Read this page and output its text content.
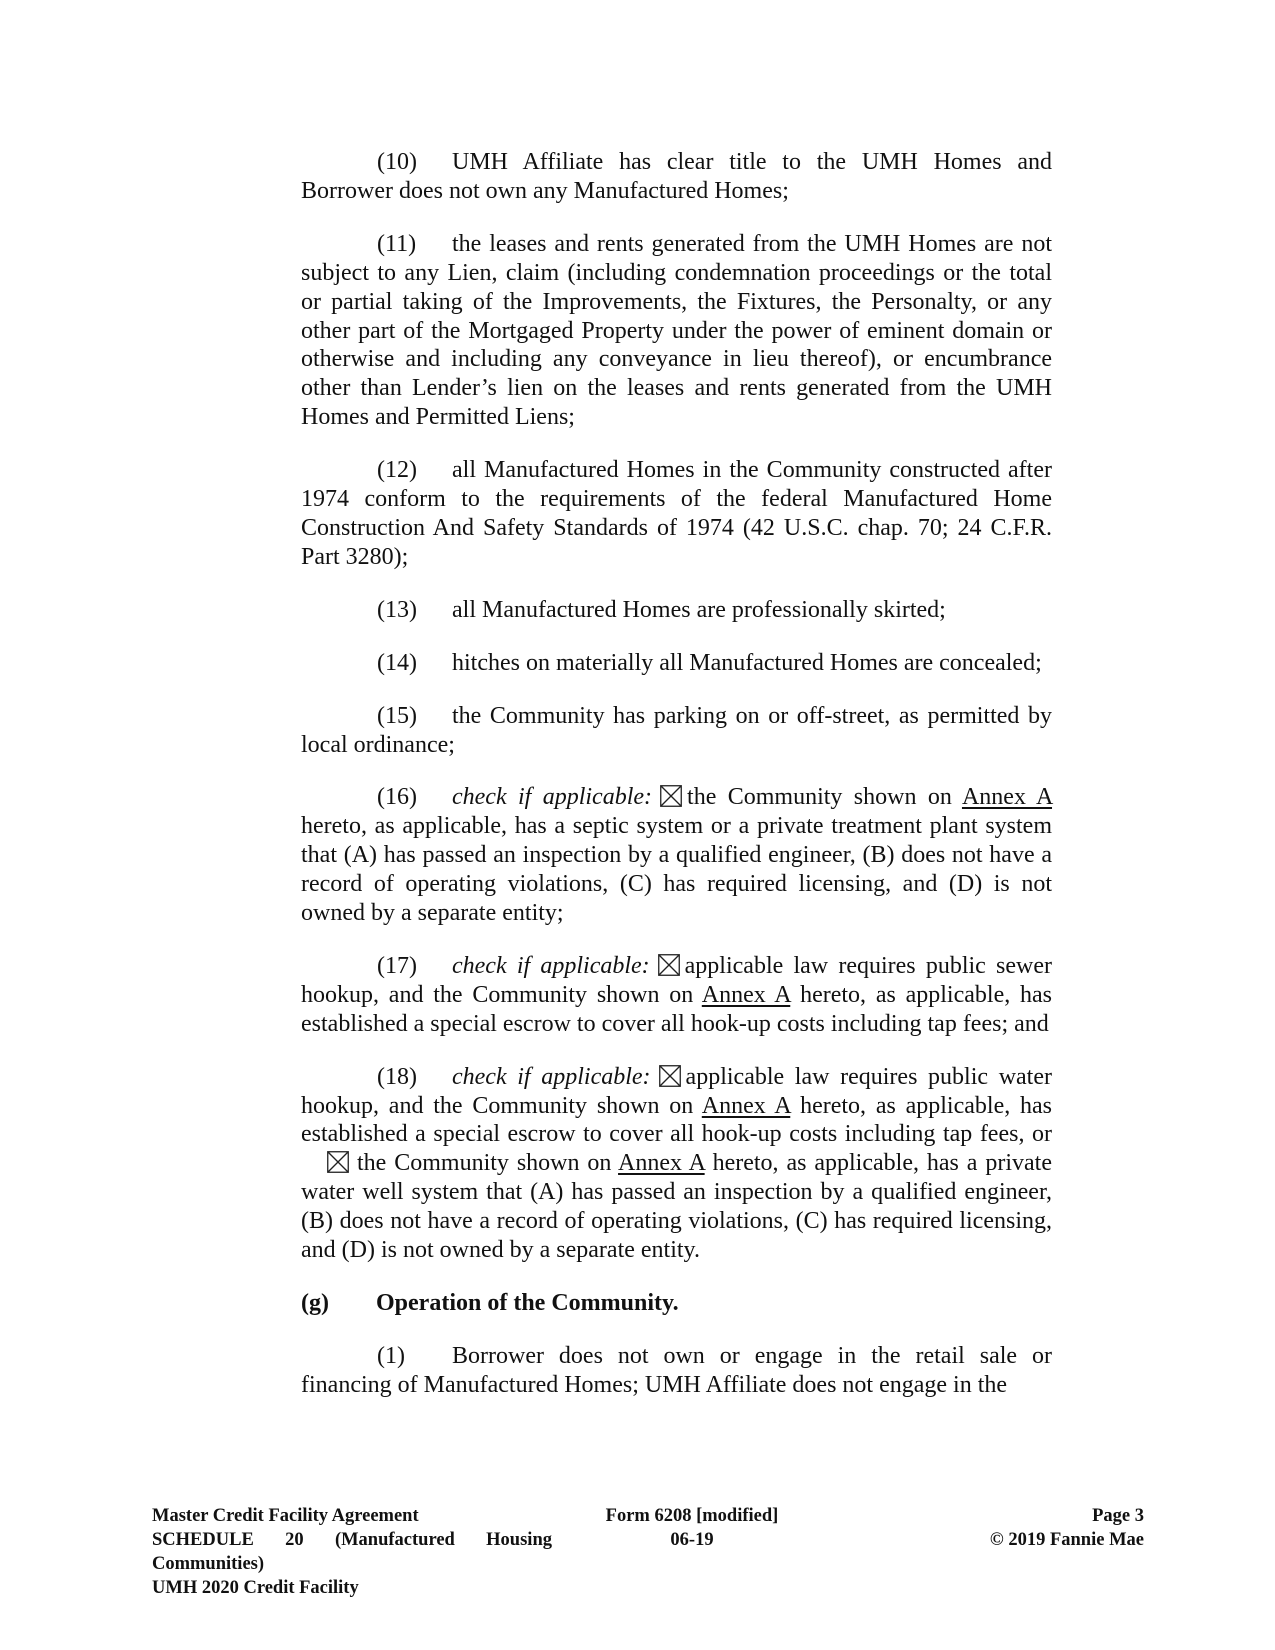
(10) UMH Affiliate has clear title to the UMH Homes and Borrower does not own any Manufactured Homes;

(11) the leases and rents generated from the UMH Homes are not subject to any Lien, claim (including condemnation proceedings or the total or partial taking of the Improvements, the Fixtures, the Personalty, or any other part of the Mortgaged Property under the power of eminent domain or otherwise and including any conveyance in lieu thereof), or encumbrance other than Lender’s lien on the leases and rents generated from the UMH Homes and Permitted Liens;

(12) all Manufactured Homes in the Community constructed after 1974 conform to the requirements of the federal Manufactured Home Construction And Safety Standards of 1974 (42 U.S.C. chap. 70; 24 C.F.R. Part 3280);

(13) all Manufactured Homes are professionally skirted;

(14) hitches on materially all Manufactured Homes are concealed;

(15) the Community has parking on or off-street, as permitted by local ordinance;

(16) check if applicable: the Community shown on Annex A hereto, as applicable, has a septic system or a private treatment plant system that (A) has passed an inspection by a qualified engineer, (B) does not have a record of operating violations, (C) has required licensing, and (D) is not owned by a separate entity;

(17) check if applicable: applicable law requires public sewer hookup, and the Community shown on Annex A hereto, as applicable, has established a special escrow to cover all hook-up costs including tap fees; and

(18) check if applicable: applicable law requires public water hookup, and the Community shown on Annex A hereto, as applicable, has established a special escrow to cover all hook-up costs including tap fees, or
the Community shown on Annex A hereto, as applicable, has a private water well system that (A) has passed an inspection by a qualified engineer, (B) does not have a record of operating violations, (C) has required licensing, and (D) is not owned by a separate entity.

(g) Operation of the Community.

(1) Borrower does not own or engage in the retail sale or financing of Manufactured Homes; UMH Affiliate does not engage in the

Master Credit Facility Agreement
SCHEDULE 20 (Manufactured Housing
Communities)
UMH 2020 Credit Facility
Form 6208 [modified]
06-19
Page 3
© 2019 Fannie Mae
